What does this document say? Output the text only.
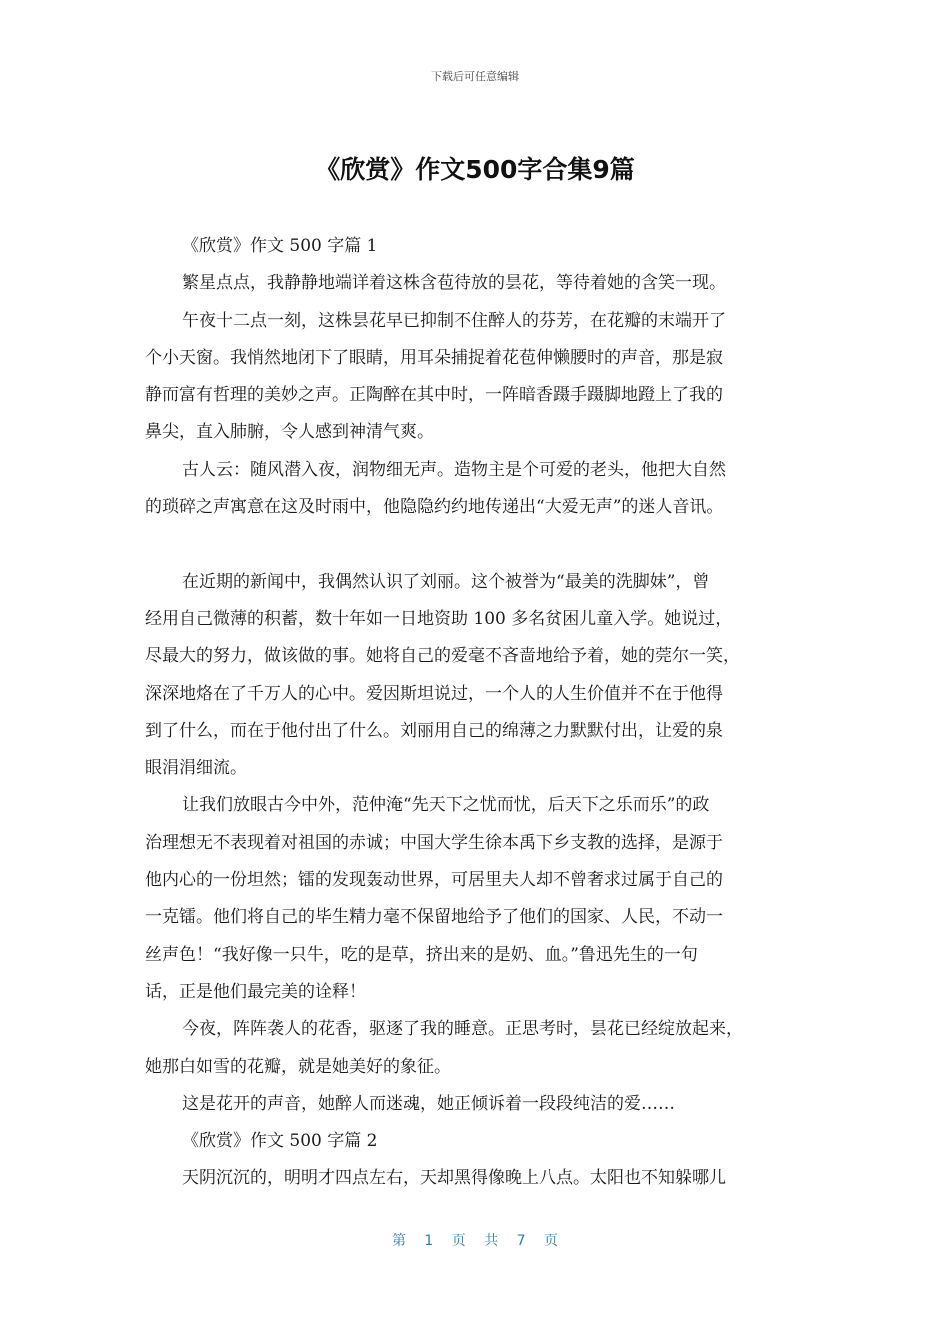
下载后可任意编辑
《欣赏》作文500字合集9篇
《欣赏》作文 500 字篇 1
繁星点点，我静静地端详着这株含苞待放的昙花，等待着她的含笑一现。
午夜十二点一刻，这株昙花早已抑制不住醉人的芬芳，在花瓣的末端开了
个小天窗。我悄然地闭下了眼睛，用耳朵捕捉着花苞伸懒腰时的声音，那是寂
静而富有哲理的美妙之声。正陶醉在其中时，一阵暗香蹑手蹑脚地蹬上了我的
鼻尖，直入肺腑，令人感到神清气爽。
古人云：随风潜入夜，润物细无声。造物主是个可爱的老头，他把大自然
的琐碎之声寓意在这及时雨中，他隐隐约约地传递出“大爱无声”的迷人音讯。
在近期的新闻中，我偶然认识了刘丽。这个被誉为“最美的洗脚妹”，曾
经用自己微薄的积蓄，数十年如一日地资助 100 多名贫困儿童入学。她说过，
尽最大的努力，做该做的事。她将自己的爱毫不吝啬地给予着，她的莞尔一笑，
深深地烙在了千万人的心中。爱因斯坦说过，一个人的人生价值并不在于他得
到了什么，而在于他付出了什么。刘丽用自己的绵薄之力默默付出，让爱的泉
眼涓涓细流。
让我们放眼古今中外，范仲淹“先天下之忧而忧，后天下之乐而乐”的政
治理想无不表现着对祖国的赤诚；中国大学生徐本禹下乡支教的选择，是源于
他内心的一份坦然；镭的发现轰动世界，可居里夫人却不曾奢求过属于自己的
一克镭。他们将自己的毕生精力毫不保留地给予了他们的国家、人民，不动一
丝声色！“我好像一只牛，吃的是草，挤出来的是奶、血。”鲁迅先生的一句
话，正是他们最完美的诠释！
今夜，阵阵袭人的花香，驱逐了我的睡意。正思考时，昙花已经绽放起来，
她那白如雪的花瓣，就是她美好的象征。
这是花开的声音，她醉人而迷魂，她正倾诉着一段段纯洁的爱……
《欣赏》作文 500 字篇 2
天阴沉沉的，明明才四点左右，天却黑得像晚上八点。太阳也不知躲哪儿
第 1 页 共 7 页
